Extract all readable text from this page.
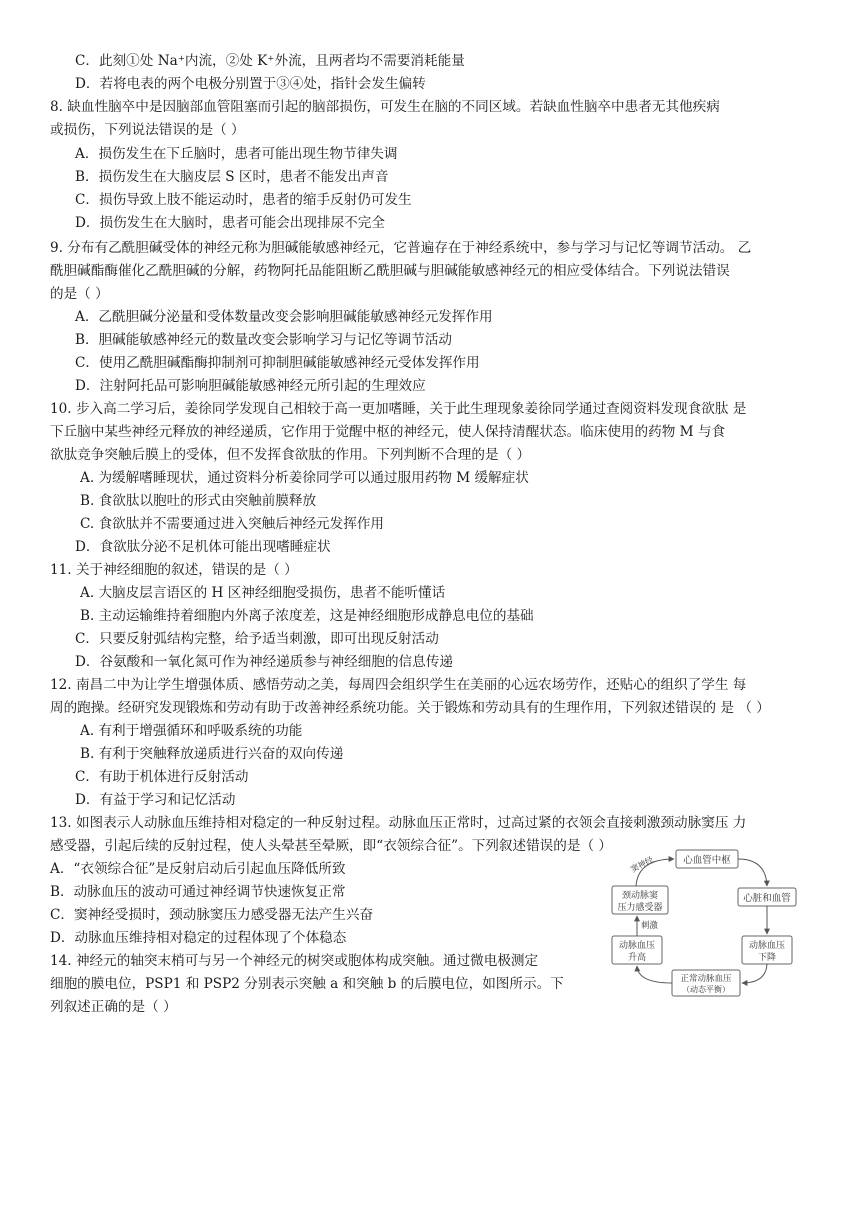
C．此刻①处 Na⁺内流，②处 K⁺外流，且两者均不需要消耗能量
D．若将电表的两个电极分别置于③④处，指针会发生偏转
8. 缺血性脑卒中是因脑部血管阻塞而引起的脑部损伤，可发生在脑的不同区域。若缺血性脑卒中患者无其他疾病
或损伤，下列说法错误的是（ ）
A．损伤发生在下丘脑时，患者可能出现生物节律失调
B．损伤发生在大脑皮层 S 区时，患者不能发出声音
C．损伤导致上肢不能运动时，患者的缩手反射仍可发生
D．损伤发生在大脑时，患者可能会出现排尿不完全
9. 分布有乙酰胆碱受体的神经元称为胆碱能敏感神经元，它普遍存在于神经系统中，参与学习与记忆等调节活动。 乙
酰胆碱酯酶催化乙酰胆碱的分解，药物阿托品能阻断乙酰胆碱与胆碱能敏感神经元的相应受体结合。下列说法错误
的是（ ）
A．乙酰胆碱分泌量和受体数量改变会影响胆碱能敏感神经元发挥作用
B．胆碱能敏感神经元的数量改变会影响学习与记忆等调节活动
C．使用乙酰胆碱酯酶抑制剂可抑制胆碱能敏感神经元受体发挥作用
D．注射阿托品可影响胆碱能敏感神经元所引起的生理效应
10. 步入高二学习后，姜徐同学发现自己相较于高一更加嗜睡，关于此生理现象姜徐同学通过查阅资料发现食欲肽 是
下丘脑中某些神经元释放的神经递质，它作用于觉醒中枢的神经元，使人保持清醒状态。临床使用的药物 M 与食
欲肽竞争突触后膜上的受体，但不发挥食欲肽的作用。下列判断不合理的是（ ）
A. 为缓解嗜睡现状，通过资料分析姜徐同学可以通过服用药物 M 缓解症状
B. 食欲肽以胞吐的形式由突触前膜释放
C. 食欲肽并不需要通过进入突触后神经元发挥作用
D．食欲肽分泌不足机体可能出现嗜睡症状
11. 关于神经细胞的叙述，错误的是（ ）
A. 大脑皮层言语区的 H 区神经细胞受损伤，患者不能听懂话
B. 主动运输维持着细胞内外离子浓度差，这是神经细胞形成静息电位的基础
C．只要反射弧结构完整，给予适当刺激，即可出现反射活动
D．谷氨酸和一氧化氮可作为神经递质参与神经细胞的信息传递
12. 南昌二中为让学生增强体质、感悟劳动之美，每周四会组织学生在美丽的心远农场劳作，还贴心的组织了学生 每
周的跑操。经研究发现锻炼和劳动有助于改善神经系统功能。关于锻炼和劳动具有的生理作用，下列叙述错误的 是 （ ）
A. 有利于增强循环和呼吸系统的功能
B. 有利于突触释放递质进行兴奋的双向传递
C．有助于机体进行反射活动
D．有益于学习和记忆活动
13. 如图表示人动脉血压维持相对稳定的一种反射过程。动脉血压正常时，过高过紧的衣领会直接刺激颈动脉窦压 力
感受器，引起后续的反射过程，使人头晕甚至晕厥，即“衣领综合征”。下列叙述错误的是（ ）
A．“衣领综合征”是反射启动后引起血压降低所致
B．动脉血压的波动可通过神经调节快速恢复正常
C．窦神经受损时，颈动脉窦压力感受器无法产生兴奋
D．动脉血压维持相对稳定的过程体现了个体稳态
14. 神经元的轴突末梢可与另一个神经元的树突或胞体构成突触。通过微电极测定
细胞的膜电位，PSP1 和 PSP2 分别表示突触 a 和突触 b 的后膜电位，如图所示。下
列叙述正确的是（ ）
心血管中枢
心脏和血管
动脉血压
下降
正常动脉血压
（动态平衡）
动脉血压
升高
颈动脉窦
压力感受器
窦神经
刺激
